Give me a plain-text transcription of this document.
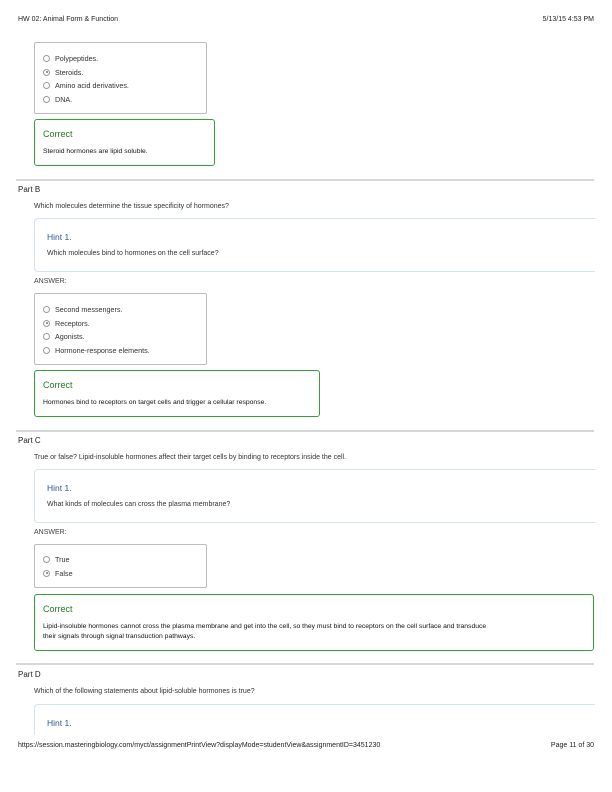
HW 02: Animal Form & Function	5/13/15 4:53 PM
Polypeptides.
Steroids.
Amino acid derivatives.
DNA.
Correct
Steroid hormones are lipid soluble.
Part B
Which molecules determine the tissue specificity of hormones?
Hint 1.
Which molecules bind to hormones on the cell surface?
ANSWER:
Second messengers.
Receptors.
Agonists.
Hormone-response elements.
Correct
Hormones bind to receptors on target cells and trigger a cellular response.
Part C
True or false? Lipid-insoluble hormones affect their target cells by binding to receptors inside the cell.
Hint 1.
What kinds of molecules can cross the plasma membrane?
ANSWER:
True
False
Correct
Lipid-insoluble hormones cannot cross the plasma membrane and get into the cell, so they must bind to receptors on the cell surface and transduce
their signals through signal transduction pathways.
Part D
Which of the following statements about lipid-soluble hormones is true?
Hint 1.
https://session.masteringbiology.com/myct/assignmentPrintView?displayMode=studentView&assignmentID=3451230	Page 11 of 30
